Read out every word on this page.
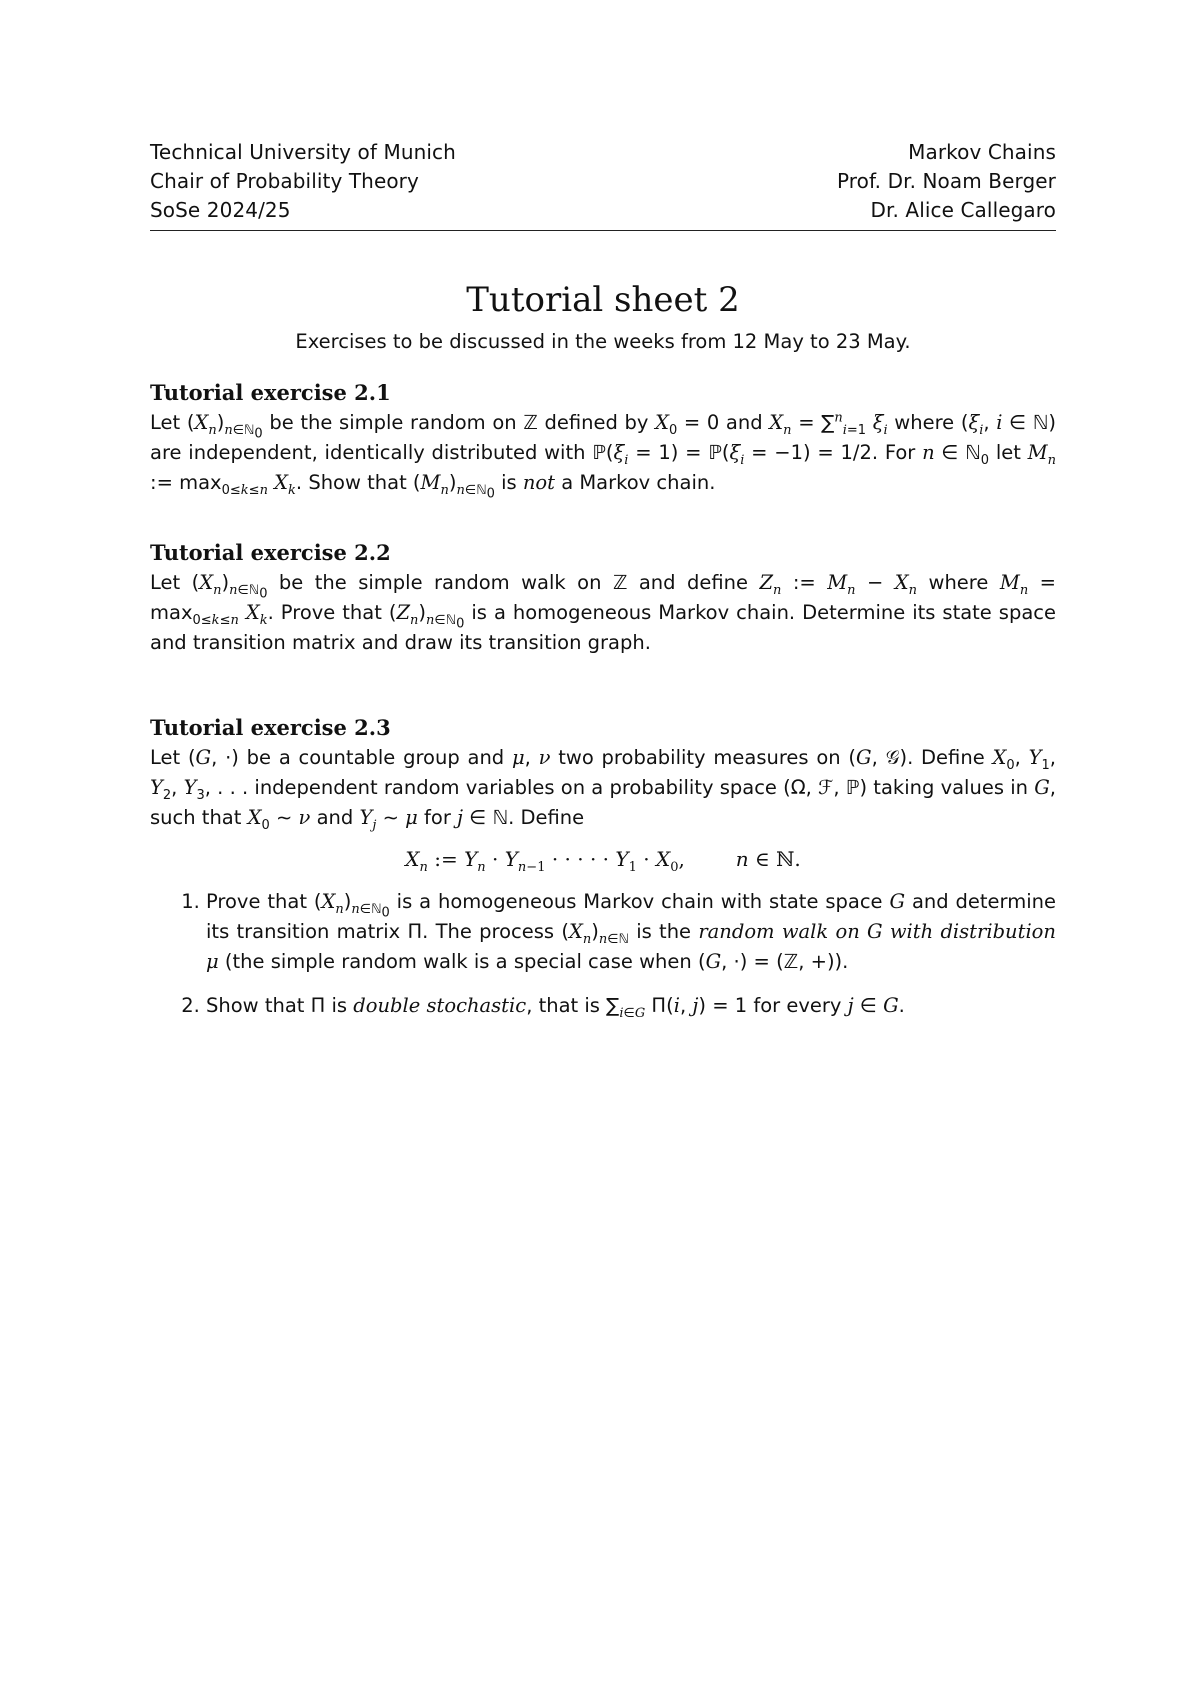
Technical University of Munich
Chair of Probability Theory
SoSe 2024/25
Markov Chains
Prof. Dr. Noam Berger
Dr. Alice Callegaro
Tutorial sheet 2
Exercises to be discussed in the weeks from 12 May to 23 May.
Tutorial exercise 2.1
Let $(X_n)_{n\in ℕ_0}$ be the simple random on ℤ defined by $X_0 = 0$ and $X_n = \sum^n_{i=1}$ $\xi_i$ where ($\xi_i$, i ∈ ℕ) are independent, identically distributed with $ℙ(\xi_i = 1)$ = $ℙ(\xi_i = -1) = 1/2$. For n ∈ ℕ$_0$ let $M_n$ := $\max_{0\le k\le n} X_k$. Show that $(M_n)_{n\in ℕ_0}$ is not a Markov chain.
Tutorial exercise 2.2
Let $(X_n)_{n\in ℕ_0}$ be the simple random walk on ℤ and define $Z_n$ := $M_n - X_n$ where $M_n = \max_{0\le k\le n} X_k$. Prove that $(Z_n)_{n\in ℕ_0}$ is a homogeneous Markov chain. Determine its state space and transition matrix and draw its transition graph.
Tutorial exercise 2.3
Let (G, ·) be a countable group and μ, ν two probability measures on (G, 𝒢). Define $X_0$, $Y_1$, $Y_2$, $Y_3$, . . . independent random variables on a probability space (Ω, ℱ, ℙ) taking values in G, such that $X_0$ ∼ ν and $Y_j$ ∼ μ for j ∈ ℕ. Define
$X_n$ := $Y_n \cdot Y_{n-1}$ · · · · · $Y_1 \cdot X_0$,        n ∈ ℕ.
1. Prove that $(X_n)_{n\in ℕ_0}$ is a homogeneous Markov chain with state space G and determine its transition matrix Π. The process $(X_n)_{n\in ℕ}$ is the random walk on G with distribution μ (the simple random walk is a special case when (G, ·) = (ℤ, +)).
2. Show that Π is double stochastic, that is $\sum_{i\in G}$ Π(i, j) = 1 for every j ∈ G.
